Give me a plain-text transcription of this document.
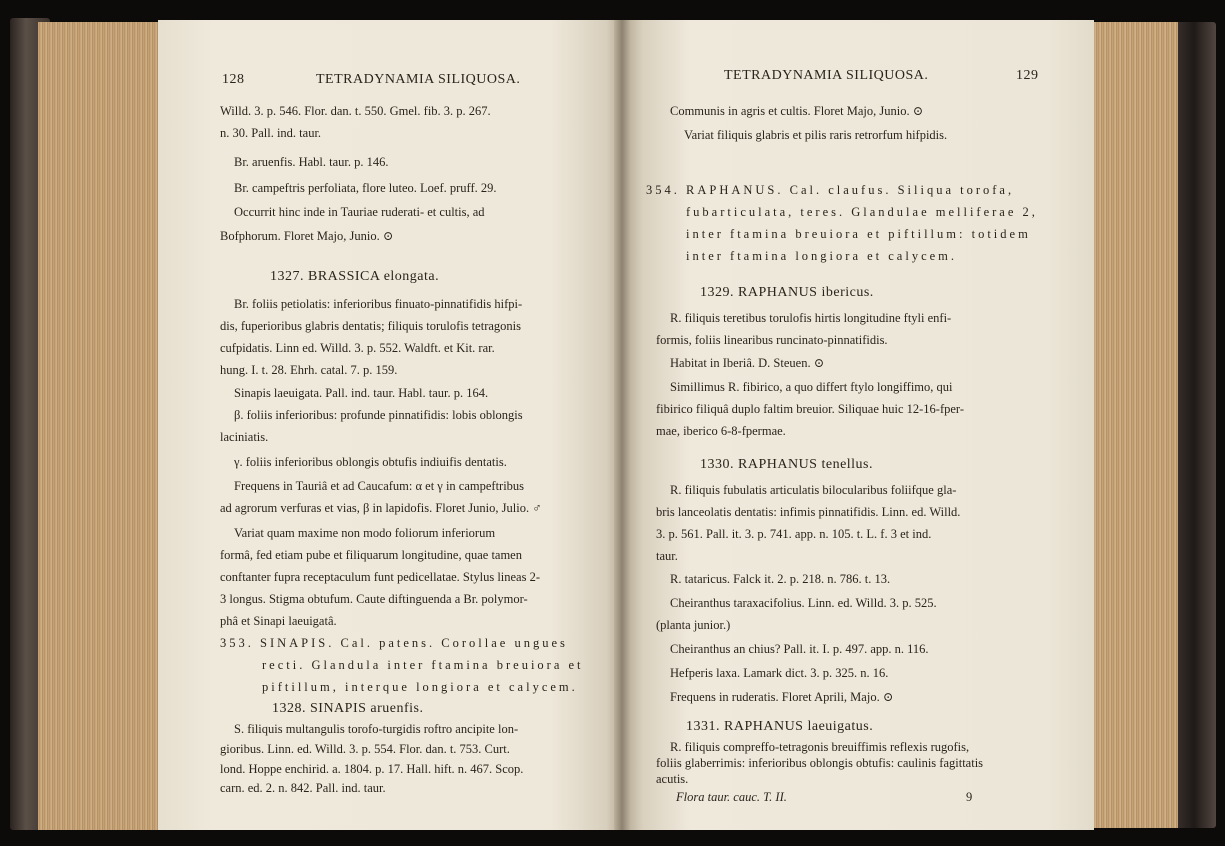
128	TETRADYNAMIA SILIQUOSA.
Willd. 3. p. 546. Flor. dan. t. 550. Gmel. fib. 3. p. 267.
n. 30. Pall. ind. taur.
Br. aruenfis. Habl. taur. p. 146.
Br. campeftris perfoliata, flore luteo. Loef. pruff. 29.
Occurrit hinc inde in Tauriae ruderati- et cultis, ad
Bofphorum. Floret Majo, Junio. ⊙
1327. BRASSICA elongata.
Br. foliis petiolatis: inferioribus finuato-pinnatifidis hifpi-
dis, fuperioribus glabris dentatis; filiquis torulofis tetragonis
cufpidatis. Linn ed. Willd. 3. p. 552. Waldft. et Kit. rar.
hung. I. t. 28. Ehrh. catal. 7. p. 159.
Sinapis laeuigata. Pall. ind. taur. Habl. taur. p. 164.
β. foliis inferioribus: profunde pinnatifidis: lobis oblongis
laciniatis.
γ. foliis inferioribus oblongis obtufis indiuifis dentatis.
Frequens in Tauriâ et ad Caucafum: α et γ in campeftribus
ad agrorum verfuras et vias, β in lapidofis. Floret Junio, Julio. ♂
Variat quam maxime non modo foliorum inferiorum
formâ, fed etiam pube et filiquarum longitudine, quae tamen
conftanter fupra receptaculum funt pedicellatae. Stylus lineas 2-
3 longus. Stigma obtufum. Caute diftinguenda a Br. polymor-
phâ et Sinapi laeuigatâ.
353. SINAPIS. Cal. patens. Corollae ungues
recti. Glandula inter ftamina breuiora et
piftillum, interque longiora et calycem.
1328. SINAPIS aruenfis.
S. filiquis multangulis torofo-turgidis roftro ancipite lon-
gioribus. Linn. ed. Willd. 3. p. 554. Flor. dan. t. 753. Curt.
lond. Hoppe enchirid. a. 1804. p. 17. Hall. hift. n. 467. Scop.
carn. ed. 2. n. 842. Pall. ind. taur.
TETRADYNAMIA SILIQUOSA.	129
Communis in agris et cultis. Floret Majo, Junio. ⊙
Variat filiquis glabris et pilis raris retrorfum hifpidis.
354. RAPHANUS. Cal. claufus. Siliqua torofa,
fubarticulata, teres. Glandulae melliferae 2,
inter ftamina breuiora et piftillum: totidem
inter ftamina longiora et calycem.
1329. RAPHANUS ibericus.
R. filiquis teretibus torulofis hirtis longitudine ftyli enfi-
formis, foliis linearibus runcinato-pinnatifidis.
Habitat in Iberiâ. D. Steuen. ⊙
Simillimus R. fibirico, a quo differt ftylo longiffimo, qui
fibirico filiquâ duplo faltim breuior. Siliquae huic 12-16-fper-
mae, iberico 6-8-fpermae.
1330. RAPHANUS tenellus.
R. filiquis fubulatis articulatis bilocularibus foliifque gla-
bris lanceolatis dentatis: infimis pinnatifidis. Linn. ed. Willd.
3. p. 561. Pall. it. 3. p. 741. app. n. 105. t. L. f. 3 et ind.
taur.
R. tataricus. Falck it. 2. p. 218. n. 786. t. 13.
Cheiranthus taraxacifolius. Linn. ed. Willd. 3. p. 525.
(planta junior.)
Cheiranthus an chius? Pall. it. I. p. 497. app. n. 116.
Hefperis laxa. Lamark dict. 3. p. 325. n. 16.
Frequens in ruderatis. Floret Aprili, Majo. ⊙
1331. RAPHANUS laeuigatus.
R. filiquis compreffo-tetragonis breuiffimis reflexis rugofis,
foliis glaberrimis: inferioribus oblongis obtufis: caulinis fagittatis
acutis.
Flora taur. cauc. T. II.	9
